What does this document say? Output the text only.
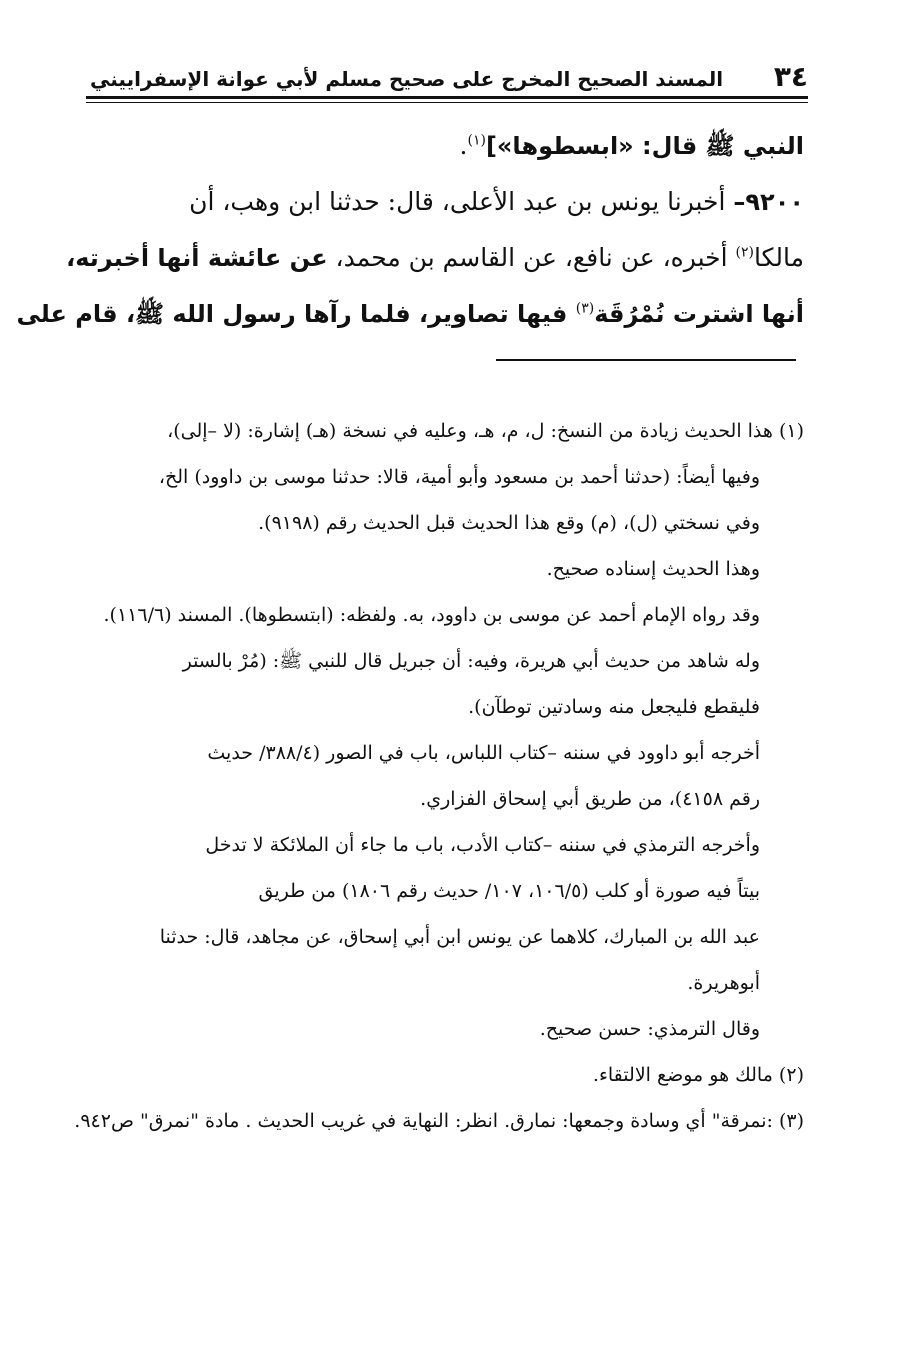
٣٤
المسند الصحيح المخرج على صحيح مسلم لأبي عوانة الإسفراييني
النبي ﷺ قال: «ابسطوها»]$^{(١)}$.
٩٢٠٠– أخبرنا يونس بن عبد الأعلى، قال: حدثنا ابن وهب، أن
مالكا$^{(٢)}$ أخبره، عن نافع، عن القاسم بن محمد، عن عائشة أنها أخبرته،
أنها اشترت نُمْرُقَة$^{(٣)}$ فيها تصاوير، فلما رآها رسول الله ﷺ، قام على
(١) هذا الحديث زيادة من النسخ: ل، م، هـ، وعليه في نسخة (هـ) إشارة: (لا –إلى)،
وفيها أيضاً: (حدثنا أحمد بن مسعود وأبو أمية، قالا: حدثنا موسى بن داوود) الخ،
وفي نسختي (ل)، (م) وقع هذا الحديث قبل الحديث رقم (٩١٩٨).
وهذا الحديث إسناده صحيح.
وقد رواه الإمام أحمد عن موسى بن داوود، به. ولفظه: (ابتسطوها). المسند (١١٦/٦).
وله شاهد من حديث أبي هريرة، وفيه: أن جبريل قال للنبي ﷺ: (مُرْ بالستر
فليقطع فليجعل منه وسادتين توطآن).
أخرجه أبو داوود في سننه –كتاب اللباس، باب في الصور (٣٨٨/٤/ حديث
رقم ٤١٥٨)، من طريق أبي إسحاق الفزاري.
وأخرجه الترمذي في سننه –كتاب الأدب، باب ما جاء أن الملائكة لا تدخل
بيتاً فيه صورة أو كلب (١٠٦/٥، ١٠٧/ حديث رقم ١٨٠٦) من طريق
عبد الله بن المبارك، كلاهما عن يونس ابن أبي إسحاق، عن مجاهد، قال: حدثنا
أبوهريرة.
وقال الترمذي: حسن صحيح.
(٢) مالك هو موضع الالتقاء.
(٣) :نمرقة" أي وسادة وجمعها: نمارق. انظر: النهاية في غريب الحديث . مادة "نمرق" ص٩٤٢.
